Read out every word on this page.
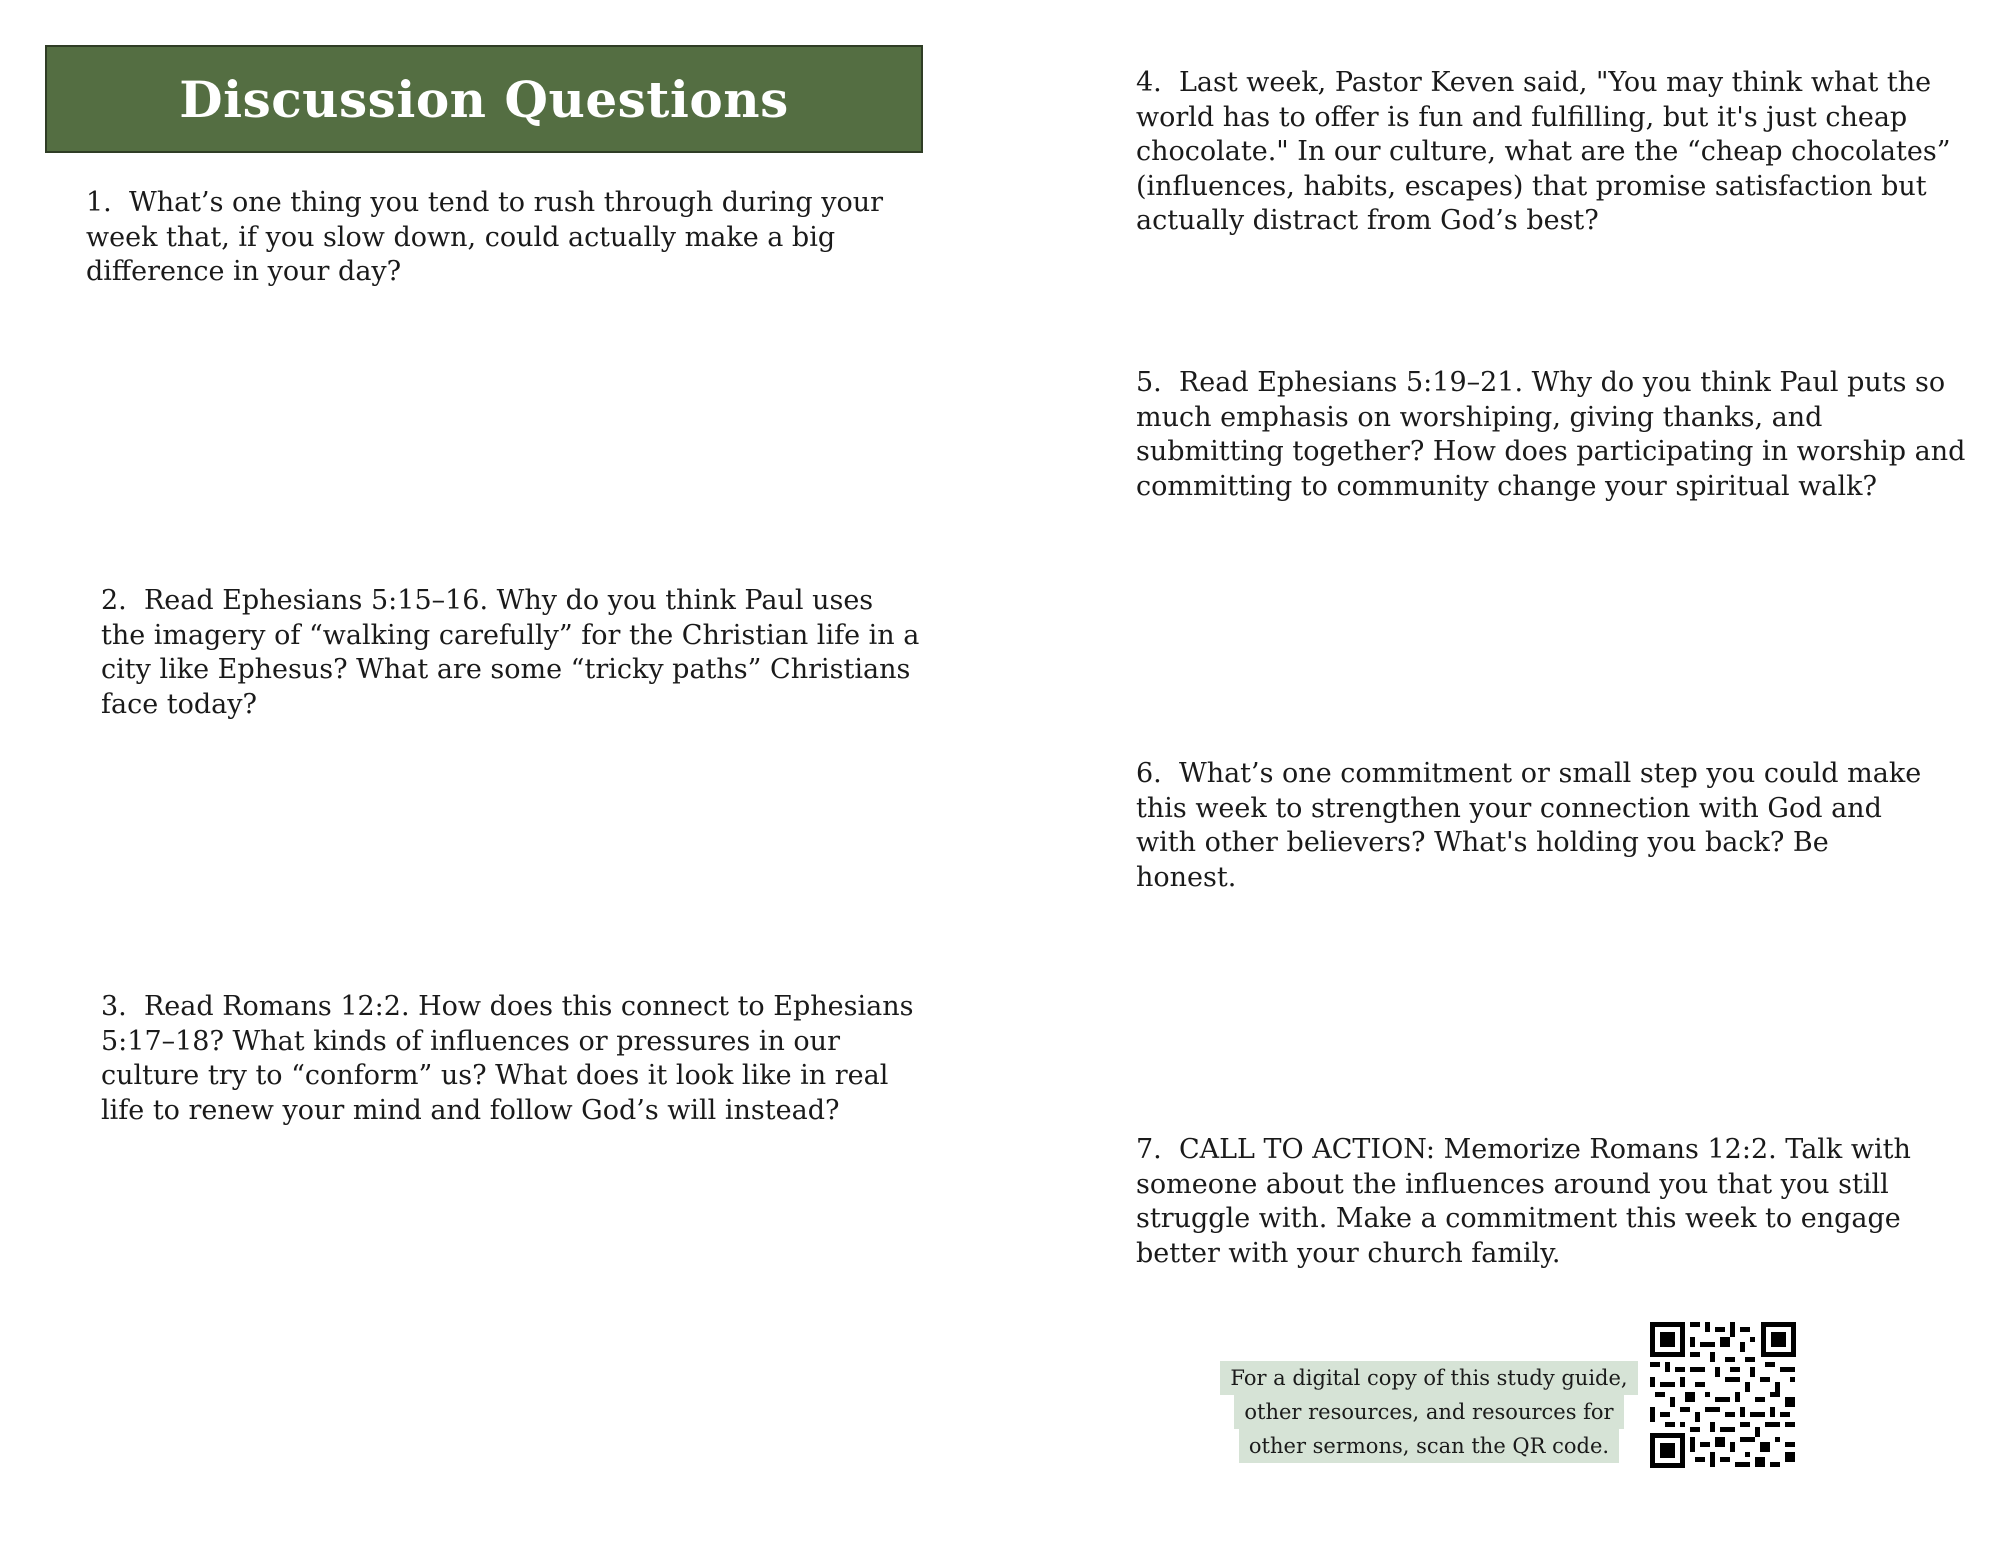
Discussion Questions
1. What’s one thing you tend to rush through during your week that, if you slow down, could actually make a big difference in your day?
2. Read Ephesians 5:15–16. Why do you think Paul uses the imagery of “walking carefully” for the Christian life in a city like Ephesus? What are some “tricky paths” Christians face today?
3. Read Romans 12:2. How does this connect to Ephesians 5:17–18? What kinds of influences or pressures in our culture try to “conform” us? What does it look like in real life to renew your mind and follow God’s will instead?
4. Last week, Pastor Keven said, "You may think what the world has to offer is fun and fulfilling, but it's just cheap chocolate." In our culture, what are the “cheap chocolates” (influences, habits, escapes) that promise satisfaction but actually distract from God’s best?
5. Read Ephesians 5:19–21. Why do you think Paul puts so much emphasis on worshiping, giving thanks, and submitting together? How does participating in worship and committing to community change your spiritual walk?
6. What’s one commitment or small step you could make this week to strengthen your connection with God and with other believers? What's holding you back? Be honest.
7. CALL TO ACTION: Memorize Romans 12:2. Talk with someone about the influences around you that you still struggle with. Make a commitment this week to engage better with your church family.
For a digital copy of this study guide,
other resources, and resources for
other sermons, scan the QR code.
